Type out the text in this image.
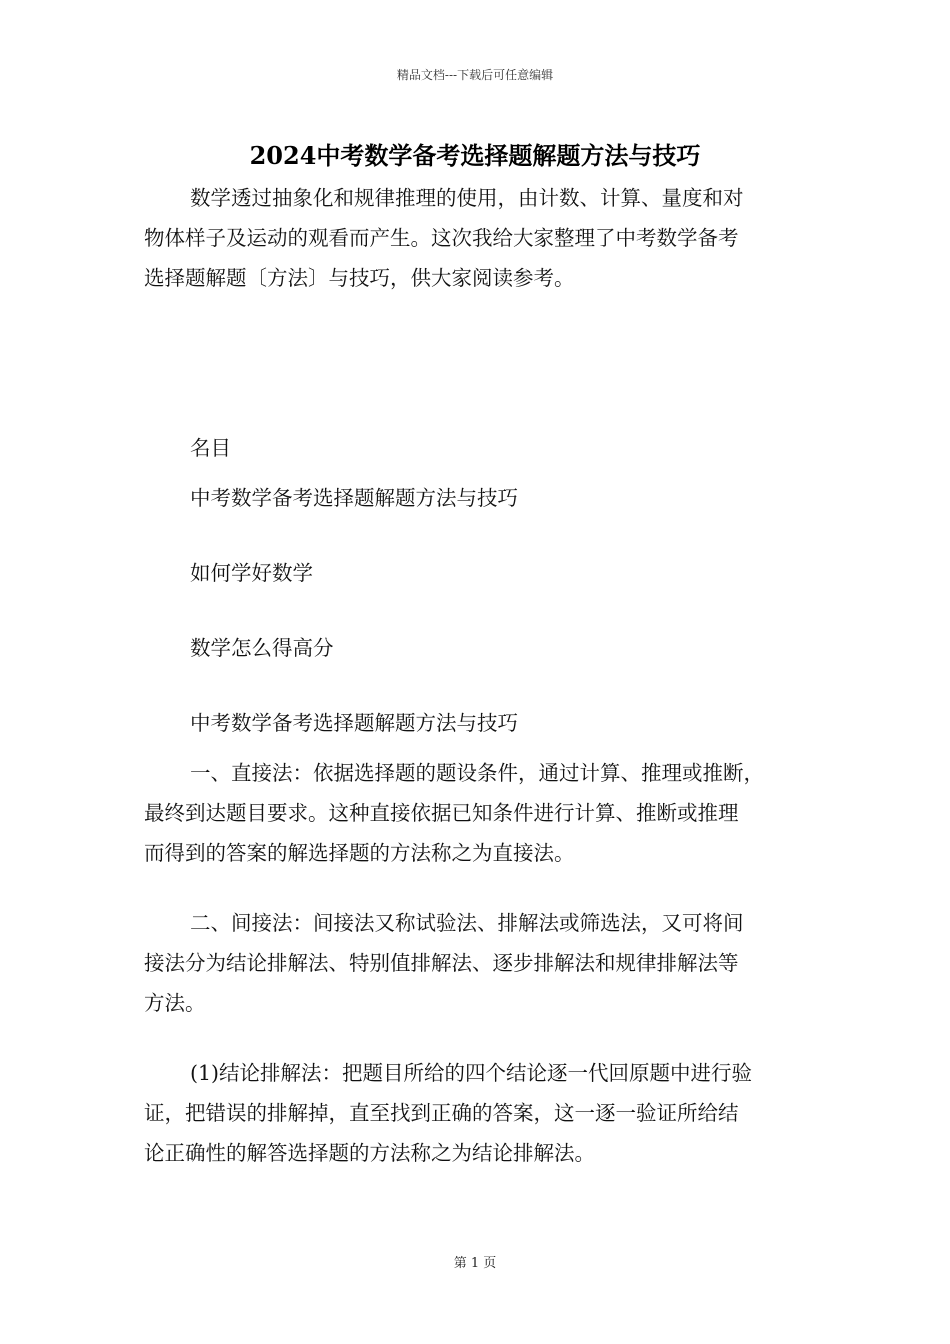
精品文档---下载后可任意编辑
2024中考数学备考选择题解题方法与技巧
数学透过抽象化和规律推理的使用，由计数、计算、量度和对
物体样子及运动的观看而产生。这次我给大家整理了中考数学备考
选择题解题〔方法〕与技巧，供大家阅读参考。
名目
中考数学备考选择题解题方法与技巧
如何学好数学
数学怎么得高分
中考数学备考选择题解题方法与技巧
一、直接法：依据选择题的题设条件，通过计算、推理或推断，
最终到达题目要求。这种直接依据已知条件进行计算、推断或推理
而得到的答案的解选择题的方法称之为直接法。
二、间接法：间接法又称试验法、排解法或筛选法，又可将间
接法分为结论排解法、特别值排解法、逐步排解法和规律排解法等
方法。
(1)结论排解法：把题目所给的四个结论逐一代回原题中进行验
证，把错误的排解掉，直至找到正确的答案，这一逐一验证所给结
论正确性的解答选择题的方法称之为结论排解法。
第 1 页
